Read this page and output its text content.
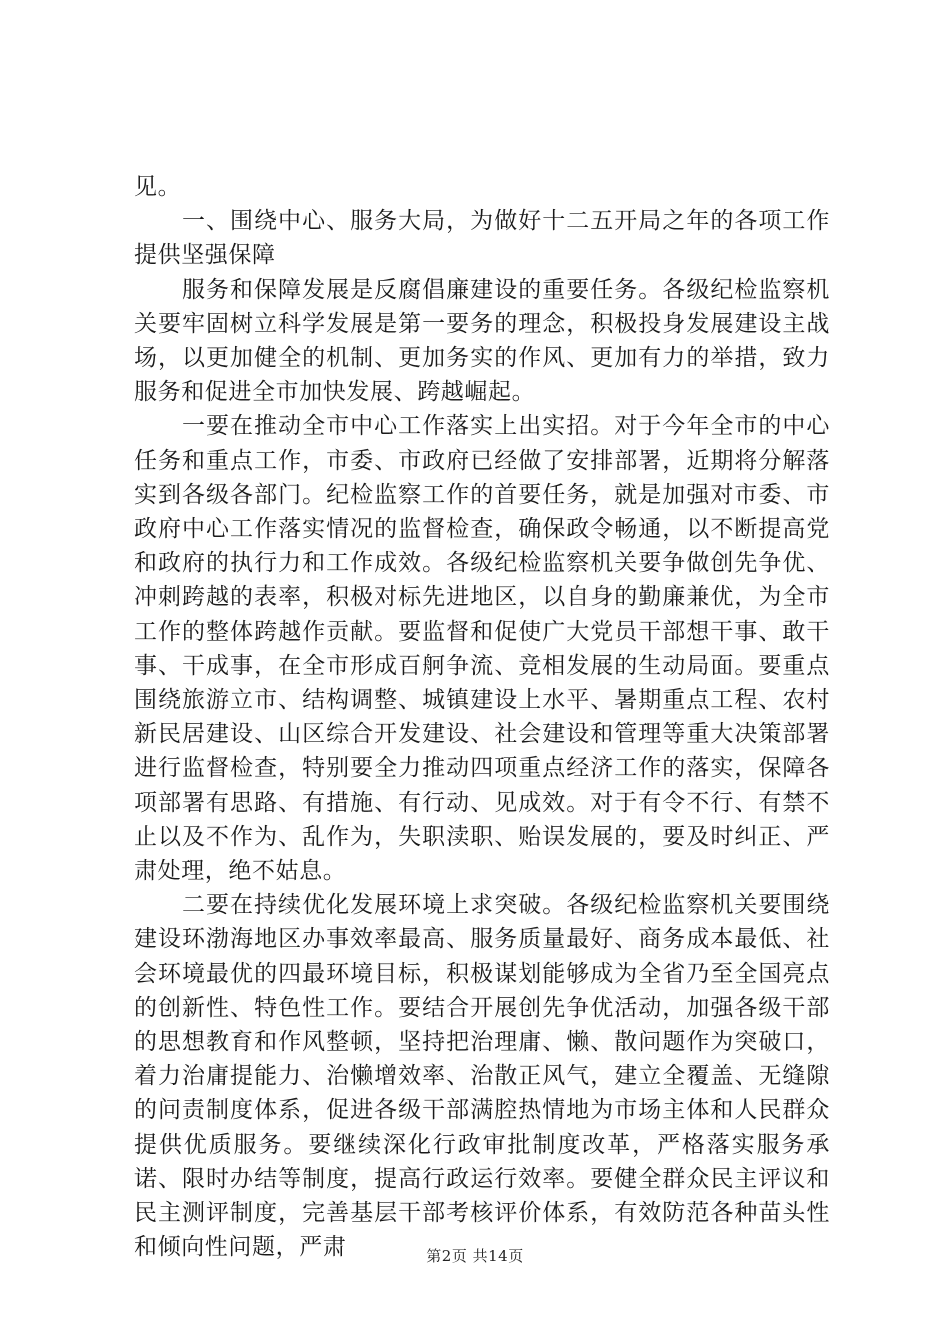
见。

一、围绕中心、服务大局，为做好十二五开局之年的各项工作提供坚强保障

服务和保障发展是反腐倡廉建设的重要任务。各级纪检监察机关要牢固树立科学发展是第一要务的理念，积极投身发展建设主战场，以更加健全的机制、更加务实的作风、更加有力的举措，致力服务和促进全市加快发展、跨越崛起。

一要在推动全市中心工作落实上出实招。对于今年全市的中心任务和重点工作，市委、市政府已经做了安排部署，近期将分解落实到各级各部门。纪检监察工作的首要任务，就是加强对市委、市政府中心工作落实情况的监督检查，确保政令畅通，以不断提高党和政府的执行力和工作成效。各级纪检监察机关要争做创先争优、冲刺跨越的表率，积极对标先进地区，以自身的勤廉兼优，为全市工作的整体跨越作贡献。要监督和促使广大党员干部想干事、敢干事、干成事，在全市形成百舸争流、竞相发展的生动局面。要重点围绕旅游立市、结构调整、城镇建设上水平、暑期重点工程、农村新民居建设、山区综合开发建设、社会建设和管理等重大决策部署进行监督检查，特别要全力推动四项重点经济工作的落实，保障各项部署有思路、有措施、有行动、见成效。对于有令不行、有禁不止以及不作为、乱作为，失职渎职、贻误发展的，要及时纠正、严肃处理，绝不姑息。

二要在持续优化发展环境上求突破。各级纪检监察机关要围绕建设环渤海地区办事效率最高、服务质量最好、商务成本最低、社会环境最优的四最环境目标，积极谋划能够成为全省乃至全国亮点的创新性、特色性工作。要结合开展创先争优活动，加强各级干部的思想教育和作风整顿，坚持把治理庸、懒、散问题作为突破口，着力治庸提能力、治懒增效率、治散正风气，建立全覆盖、无缝隙的问责制度体系，促进各级干部满腔热情地为市场主体和人民群众提供优质服务。要继续深化行政审批制度改革，严格落实服务承诺、限时办结等制度，提高行政运行效率。要健全群众民主评议和民主测评制度，完善基层干部考核评价体系，有效防范各种苗头性和倾向性问题，严肃	第2页 共14页
